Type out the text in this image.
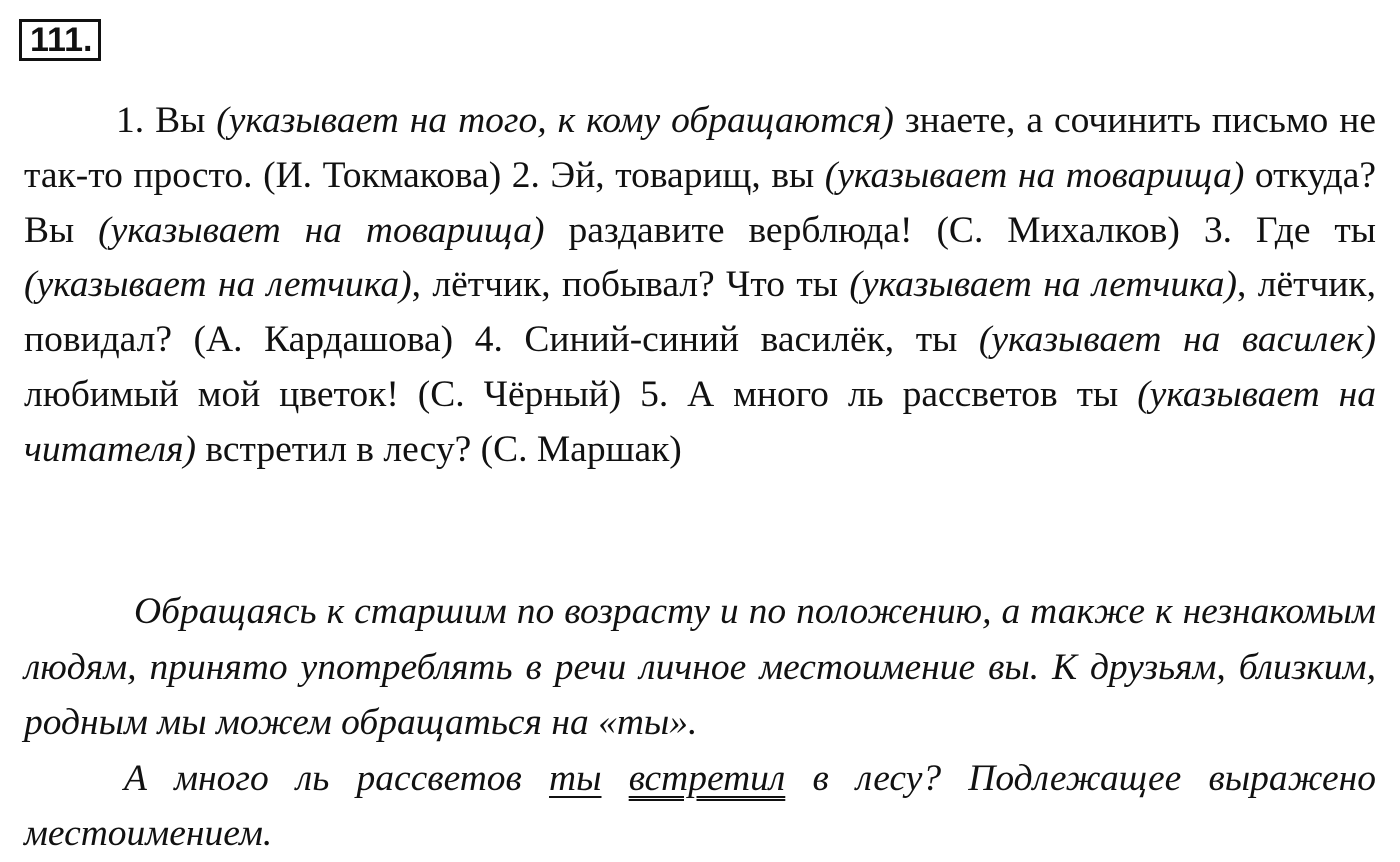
111.

1. Вы (указывает на того, к кому обращаются) знаете, а сочинить письмо не так-то просто. (И. Токмакова) 2. Эй, товарищ, вы (указывает на товарища) откуда? Вы (указывает на товарища) раздавите верблюда! (С. Михалков) 3. Где ты (указывает на летчика), лётчик, побывал? Что ты (указывает на летчика), лётчик, повидал? (А. Кардашова) 4. Синий-синий василёк, ты (указывает на василек) любимый мой цветок! (С. Чёрный) 5. А много ль рассветов ты (указывает на читателя) встретил в лесу? (С. Маршак)

Обращаясь к старшим по возрасту и по положению, а также к незнакомым людям, принято употреблять в речи личное местоимение вы. К друзьям, близким, родным мы можем обращаться на «ты».
А много ль рассветов ты встретил в лесу? Подлежащее выражено местоимением.
